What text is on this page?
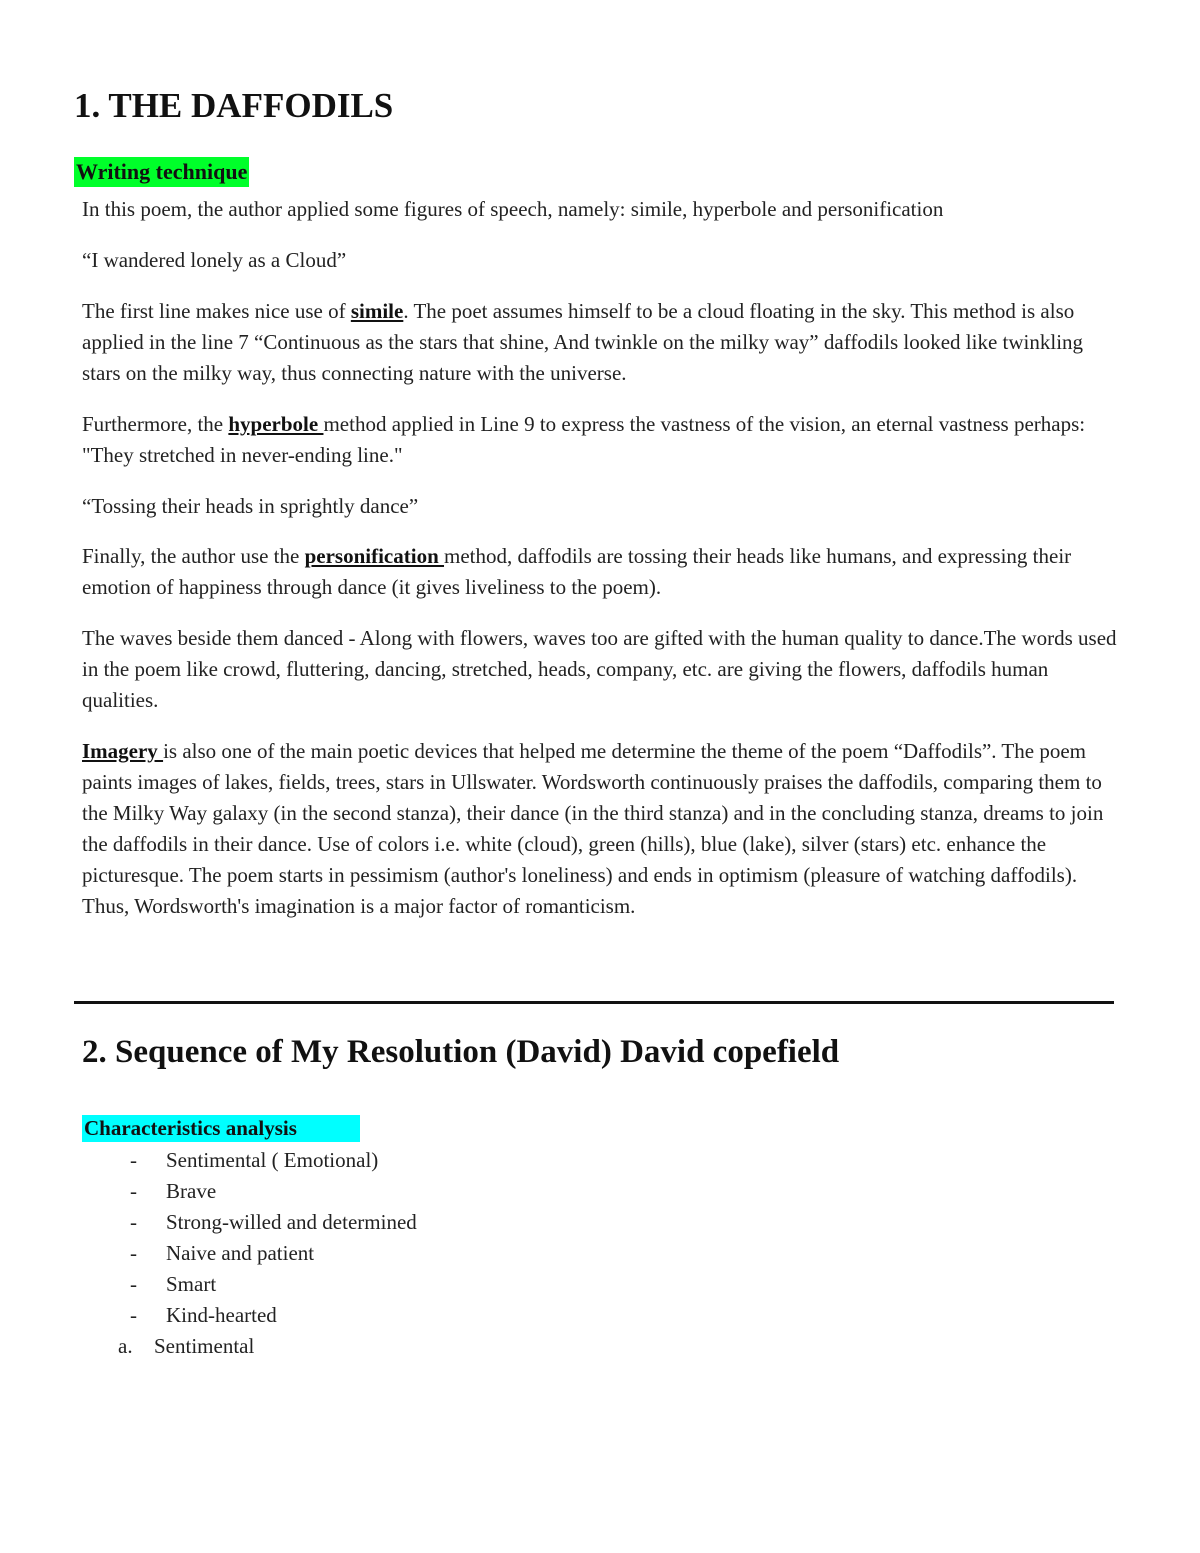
1. THE DAFFODILS
Writing technique

In this poem, the author applied some figures of speech, namely: simile, hyperbole and personification

“I wandered lonely as a Cloud”

The first line makes nice use of simile. The poet assumes himself to be a cloud floating in the sky. This method is also applied in the line 7 “Continuous as the stars that shine, And twinkle on the milky way” daffodils looked like twinkling stars on the milky way, thus connecting nature with the universe.

Furthermore, the hyperbole method applied in Line 9 to express the vastness of the vision, an eternal vastness perhaps: "They stretched in never-ending line."

“Tossing their heads in sprightly dance”

Finally, the author use the personification method, daffodils are tossing their heads like humans, and expressing their emotion of happiness through dance (it gives liveliness to the poem).

The waves beside them danced - Along with flowers, waves too are gifted with the human quality to dance.The words used in the poem like crowd, fluttering, dancing, stretched, heads, company, etc. are giving the flowers, daffodils human qualities.

Imagery is also one of the main poetic devices that helped me determine the theme of the poem “Daffodils”. The poem paints images of lakes, fields, trees, stars in Ullswater. Wordsworth continuously praises the daffodils, comparing them to the Milky Way galaxy (in the second stanza), their dance (in the third stanza) and in the concluding stanza, dreams to join the daffodils in their dance. Use of colors i.e. white (cloud), green (hills), blue (lake), silver (stars) etc. enhance the picturesque. The poem starts in pessimism (author's loneliness) and ends in optimism (pleasure of watching daffodils). Thus, Wordsworth's imagination is a major factor of romanticism.

2. Sequence of My Resolution (David) David copefield
Characteristics analysis
- Sentimental ( Emotional)
- Brave
- Strong-willed and determined
- Naive and patient
- Smart
- Kind-hearted
a. Sentimental
